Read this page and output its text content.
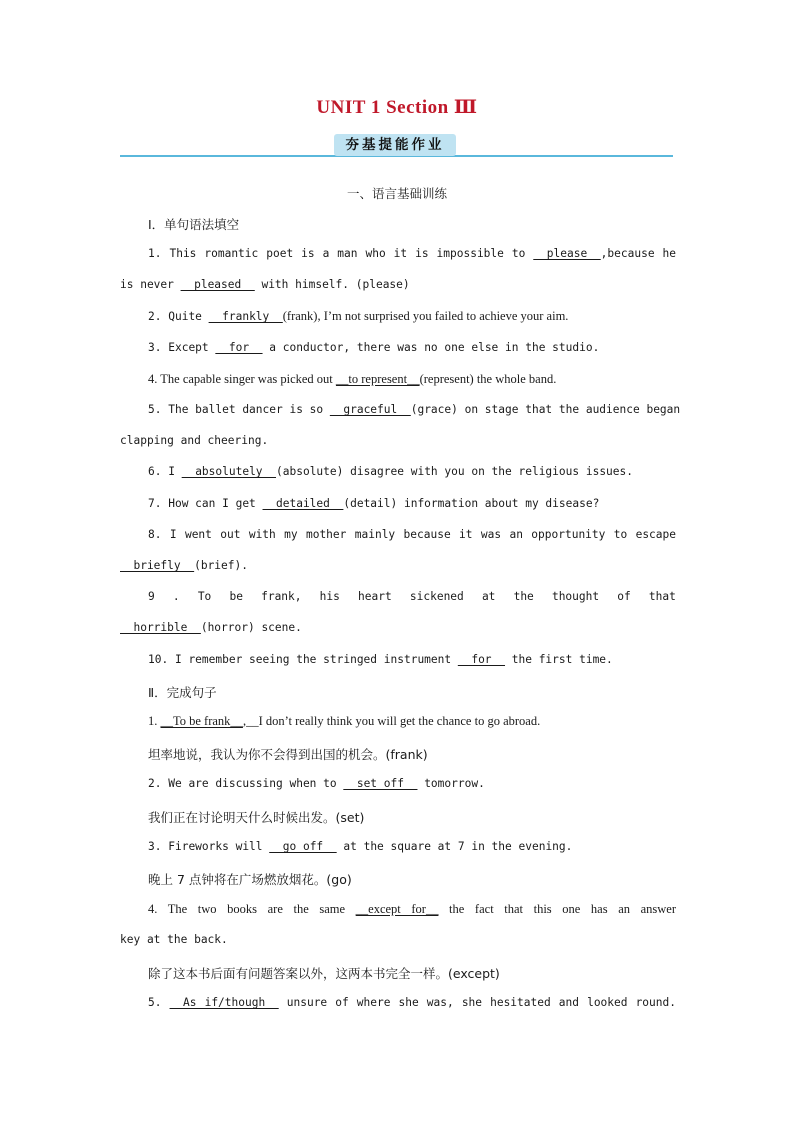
UNIT 1 Section Ⅲ
夯基提能作业
一、语言基础训练
Ⅰ．单句语法填空
1. This romantic poet is a man who it is impossible to __please__,because he
is never __pleased__ with himself. (please)
2. Quite __frankly__(frank), I’m not surprised you failed to achieve your aim.
3. Except __for__ a conductor, there was no one else in the studio.
4. The capable singer was picked out __to represent__(represent) the whole band.
5. The ballet dancer is so __graceful__(grace) on stage that the audience began
clapping and cheering.
6. I __absolutely__(absolute) disagree with you on the religious issues.
7. How can I get __detailed__(detail) information about my disease?
8. I went out with my mother mainly because it was an opportunity to escape
__briefly__(brief).
9 . To be frank, his heart sickened at the thought of that
__horrible__(horror) scene.
10. I remember seeing the stringed instrument __for__ the first time.
Ⅱ．完成句子
1. __To be frank__,__I don’t really think you will get the chance to go abroad.
坦率地说，我认为你不会得到出国的机会。(frank)
2. We are discussing when to __set off__ tomorrow.
我们正在讨论明天什么时候出发。(set)
3. Fireworks will __go off__ at the square at 7 in the evening.
晚上 7 点钟将在广场燃放烟花。(go)
4. The two books are the same __except for__ the fact that this one has an answer
key at the back.
除了这本书后面有问题答案以外，这两本书完全一样。(except)
5. __As if/though__ unsure of where she was, she hesitated and looked round.
